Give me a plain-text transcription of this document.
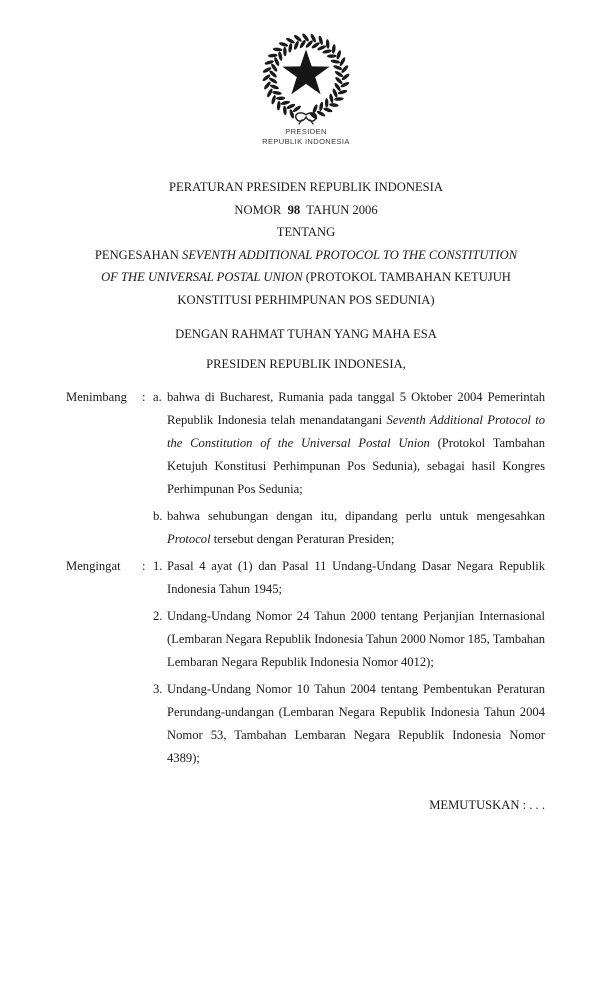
PRESIDEN
REPUBLIK INDONESIA
PERATURAN PRESIDEN REPUBLIK INDONESIA
NOMOR  98  TAHUN 2006
TENTANG
PENGESAHAN SEVENTH ADDITIONAL PROTOCOL TO THE CONSTITUTION
OF THE UNIVERSAL POSTAL UNION (PROTOKOL TAMBAHAN KETUJUH
KONSTITUSI PERHIMPUNAN POS SEDUNIA)
DENGAN RAHMAT TUHAN YANG MAHA ESA
PRESIDEN REPUBLIK INDONESIA,
Menimbang : a. bahwa di Bucharest, Rumania pada tanggal 5 Oktober 2004 Pemerintah Republik Indonesia telah menandatangani Seventh Additional Protocol to the Constitution of the Universal Postal Union (Protokol Tambahan Ketujuh Konstitusi Perhimpunan Pos Sedunia), sebagai hasil Kongres Perhimpunan Pos Sedunia;
b. bahwa sehubungan dengan itu, dipandang perlu untuk mengesahkan Protocol tersebut dengan Peraturan Presiden;
Mengingat : 1. Pasal 4 ayat (1) dan Pasal 11 Undang-Undang Dasar Negara Republik Indonesia Tahun 1945;
2. Undang-Undang Nomor 24 Tahun 2000 tentang Perjanjian Internasional (Lembaran Negara Republik Indonesia Tahun 2000 Nomor 185, Tambahan Lembaran Negara Republik Indonesia Nomor 4012);
3. Undang-Undang Nomor 10 Tahun 2004 tentang Pembentukan Peraturan Perundang-undangan (Lembaran Negara Republik Indonesia Tahun 2004 Nomor 53, Tambahan Lembaran Negara Republik Indonesia Nomor 4389);
MEMUTUSKAN : . . .
